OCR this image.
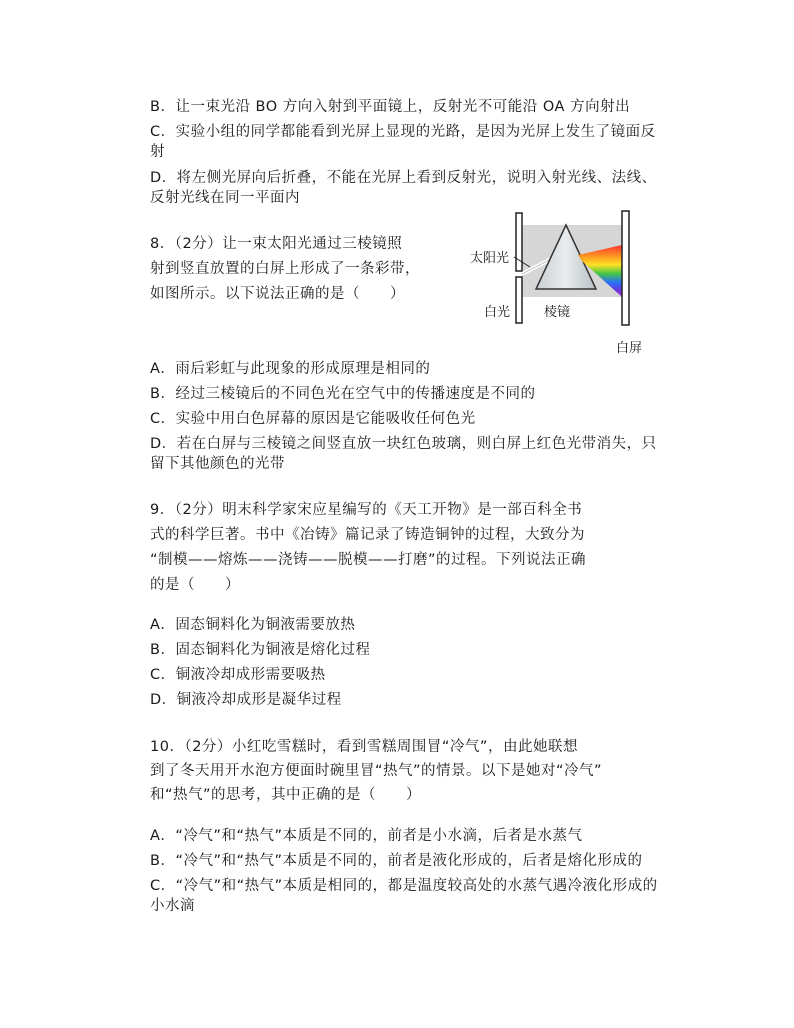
B．让一束光沿 BO 方向入射到平面镜上，反射光不可能沿 OA 方向射出
C．实验小组的同学都能看到光屏上显现的光路，是因为光屏上发生了镜面反
射
D．将左侧光屏向后折叠，不能在光屏上看到反射光，说明入射光线、法线、
反射光线在同一平面内
8．（2分）让一束太阳光通过三棱镜照
射到竖直放置的白屏上形成了一条彩带，
如图所示。以下说法正确的是（　　）
太阳光
白光	棱镜
白屏
A．雨后彩虹与此现象的形成原理是相同的
B．经过三棱镜后的不同色光在空气中的传播速度是不同的
C．实验中用白色屏幕的原因是它能吸收任何色光
D．若在白屏与三棱镜之间竖直放一块红色玻璃，则白屏上红色光带消失，只
留下其他颜色的光带
9．（2分）明末科学家宋应星编写的《天工开物》是一部百科全书
式的科学巨著。书中《冶铸》篇记录了铸造铜钟的过程，大致分为
“制模——熔炼——浇铸——脱模——打磨”的过程。下列说法正确
的是（　　）
A．固态铜料化为铜液需要放热
B．固态铜料化为铜液是熔化过程
C．铜液冷却成形需要吸热
D．铜液冷却成形是凝华过程
10．（2分）小红吃雪糕时，看到雪糕周围冒“冷气”，由此她联想
到了冬天用开水泡方便面时碗里冒“热气”的情景。以下是她对“冷气”
和“热气”的思考，其中正确的是（　　）
A．“冷气”和“热气”本质是不同的，前者是小水滴，后者是水蒸气
B．“冷气”和“热气”本质是不同的，前者是液化形成的，后者是熔化形成的
C．“冷气”和“热气”本质是相同的，都是温度较高处的水蒸气遇冷液化形成的
小水滴
